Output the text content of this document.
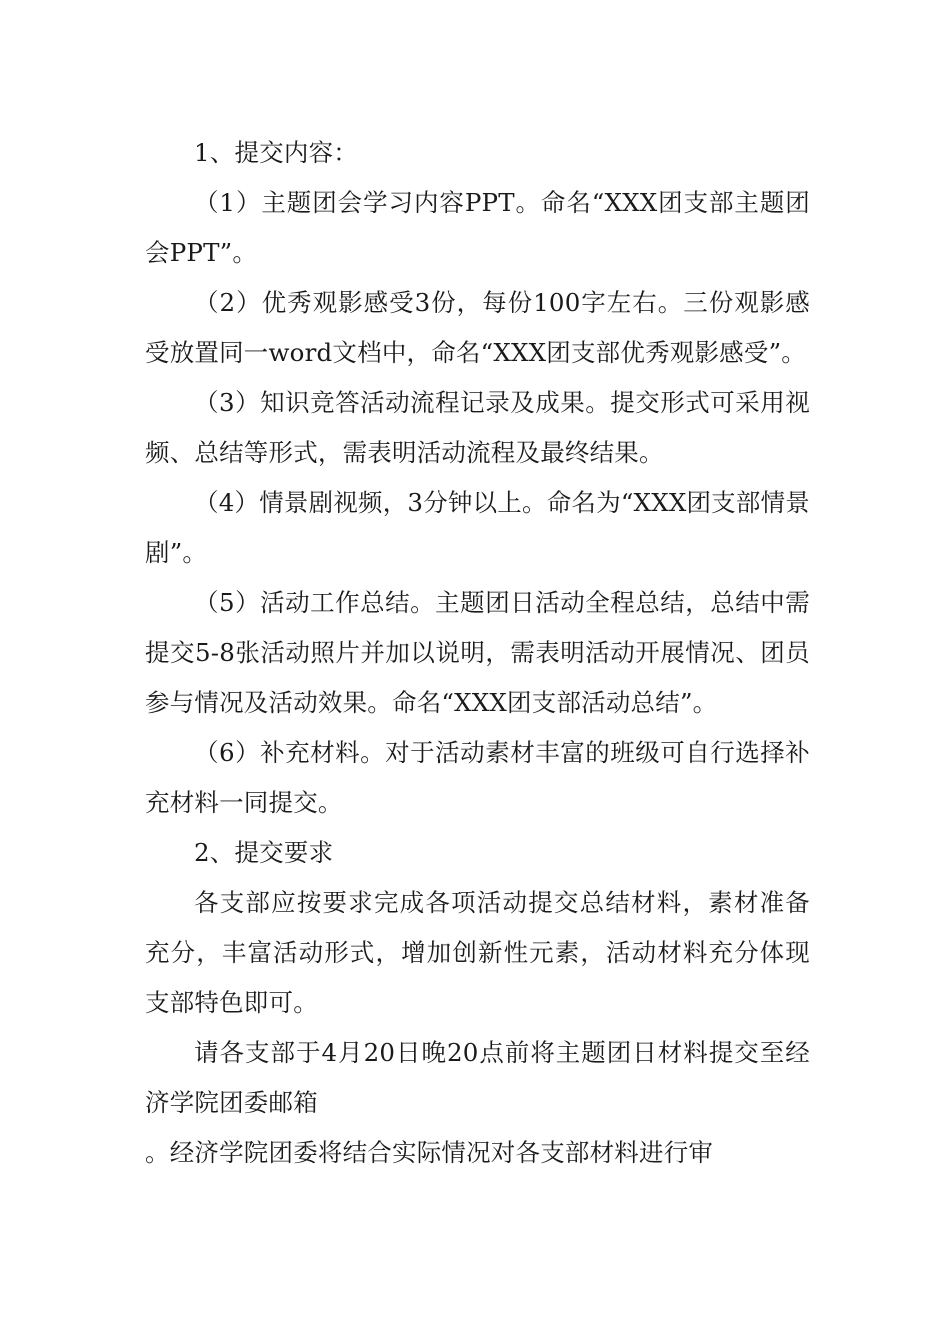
1、提交内容：

（1）主题团会学习内容PPT。命名“XXX团支部主题团会PPT”。

（2）优秀观影感受3份，每份100字左右。三份观影感受放置同一word文档中，命名“XXX团支部优秀观影感受”。

（3）知识竞答活动流程记录及成果。提交形式可采用视频、总结等形式，需表明活动流程及最终结果。

（4）情景剧视频，3分钟以上。命名为“XXX团支部情景剧”。

（5）活动工作总结。主题团日活动全程总结，总结中需提交5-8张活动照片并加以说明，需表明活动开展情况、团员参与情况及活动效果。命名“XXX团支部活动总结”。

（6）补充材料。对于活动素材丰富的班级可自行选择补充材料一同提交。

2、提交要求

各支部应按要求完成各项活动提交总结材料，素材准备充分，丰富活动形式，增加创新性元素，活动材料充分体现支部特色即可。

请各支部于4月20日晚20点前将主题团日材料提交至经济学院团委邮箱

。经济学院团委将结合实际情况对各支部材料进行审
